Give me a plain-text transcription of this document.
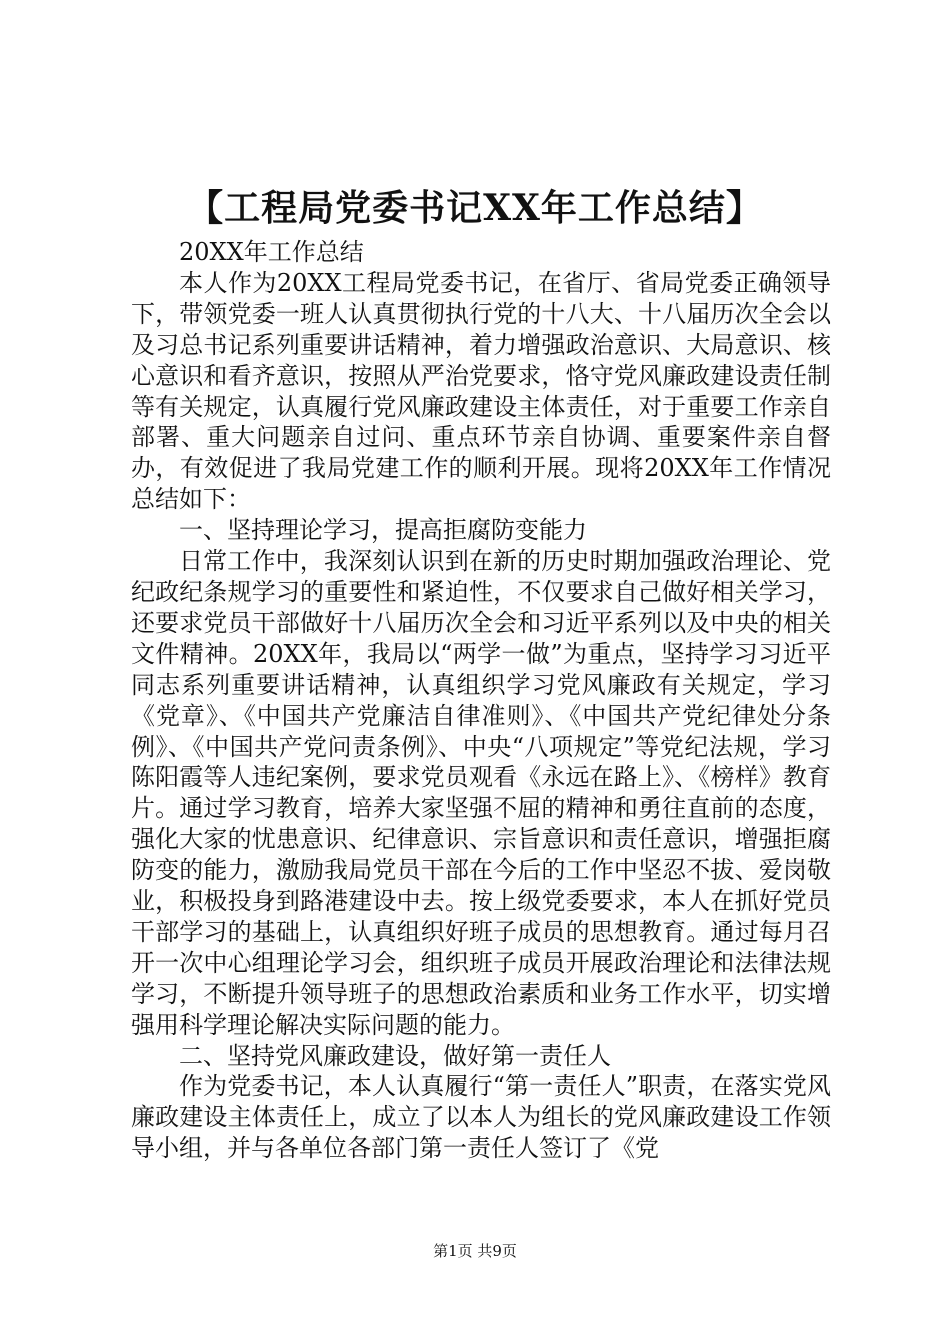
【工程局党委书记XX年工作总结】

20XX年工作总结

本人作为20XX工程局党委书记，在省厅、省局党委正确领导下，带领党委一班人认真贯彻执行党的十八大、十八届历次全会以及习总书记系列重要讲话精神，着力增强政治意识、大局意识、核心意识和看齐意识，按照从严治党要求，恪守党风廉政建设责任制等有关规定，认真履行党风廉政建设主体责任，对于重要工作亲自部署、重大问题亲自过问、重点环节亲自协调、重要案件亲自督办，有效促进了我局党建工作的顺利开展。现将20XX年工作情况总结如下：

一、坚持理论学习，提高拒腐防变能力

日常工作中，我深刻认识到在新的历史时期加强政治理论、党纪政纪条规学习的重要性和紧迫性，不仅要求自己做好相关学习，还要求党员干部做好十八届历次全会和习近平系列以及中央的相关文件精神。20XX年，我局以“两学一做”为重点，坚持学习习近平同志系列重要讲话精神，认真组织学习党风廉政有关规定，学习《党章》、《中国共产党廉洁自律准则》、《中国共产党纪律处分条例》、《中国共产党问责条例》、中央“八项规定”等党纪法规，学习陈阳霞等人违纪案例，要求党员观看《永远在路上》、《榜样》教育片。通过学习教育，培养大家坚强不屈的精神和勇往直前的态度，强化大家的忧患意识、纪律意识、宗旨意识和责任意识，增强拒腐防变的能力，激励我局党员干部在今后的工作中坚忍不拔、爱岗敬业，积极投身到路港建设中去。按上级党委要求，本人在抓好党员干部学习的基础上，认真组织好班子成员的思想教育。通过每月召开一次中心组理论学习会，组织班子成员开展政治理论和法律法规学习，不断提升领导班子的思想政治素质和业务工作水平，切实增强用科学理论解决实际问题的能力。

二、坚持党风廉政建设，做好第一责任人

作为党委书记，本人认真履行“第一责任人”职责，在落实党风廉政建设主体责任上，成立了以本人为组长的党风廉政建设工作领导小组，并与各单位各部门第一责任人签订了《党

第1页 共9页
